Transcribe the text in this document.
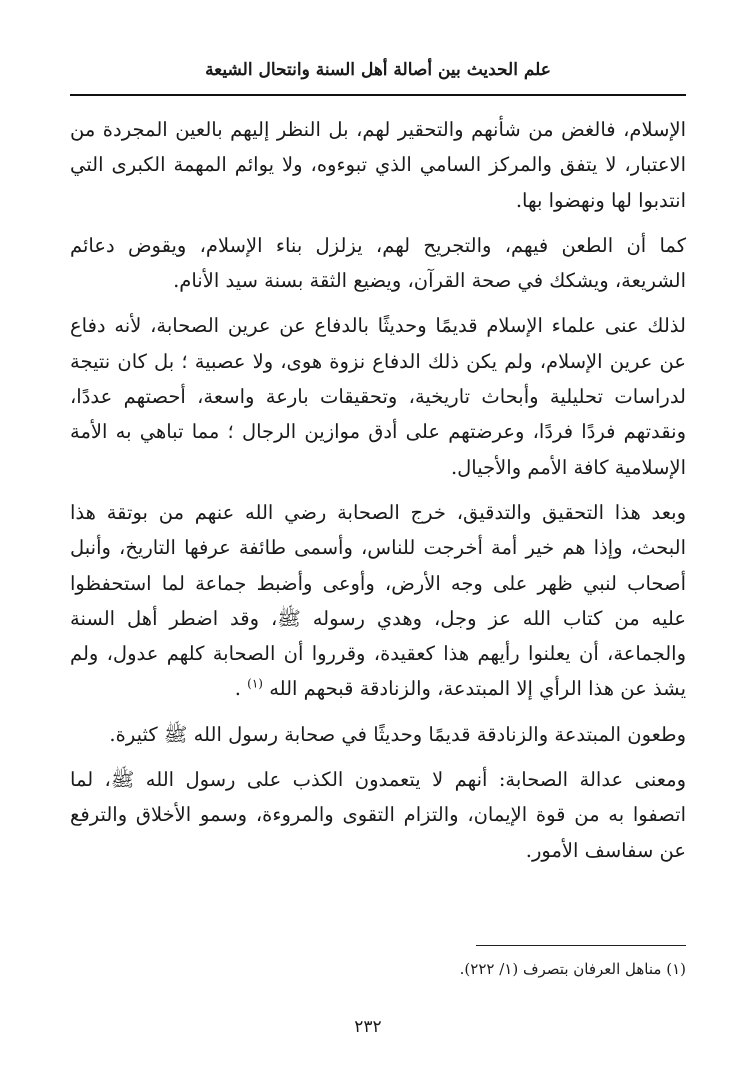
علم الحديث بين أصالة أهل السنة وانتحال الشيعة

الإسلام، فالغض من شأنهم والتحقير لهم، بل النظر إليهم بالعين المجردة من الاعتبار، لا يتفق والمركز السامي الذي تبوءوه، ولا يوائم المهمة الكبرى التي انتدبوا لها ونهضوا بها.

كما أن الطعن فيهم، والتجريح لهم، يزلزل بناء الإسلام، ويقوض دعائم الشريعة، ويشكك في صحة القرآن، ويضيع الثقة بسنة سيد الأنام.

لذلك عنى علماء الإسلام قديمًا وحديثًا بالدفاع عن عرين الصحابة، لأنه دفاع عن عرين الإسلام، ولم يكن ذلك الدفاع نزوة هوى، ولا عصبية ؛ بل كان نتيجة لدراسات تحليلية وأبحاث تاريخية، وتحقيقات بارعة واسعة، أحصتهم عددًا، ونقدتهم فردًا فردًا، وعرضتهم على أدق موازين الرجال ؛ مما تباهي به الأمة الإسلامية كافة الأمم والأجيال.

وبعد هذا التحقيق والتدقيق، خرج الصحابة رضي الله عنهم من بوتقة هذا البحث، وإذا هم خير أمة أخرجت للناس، وأسمى طائفة عرفها التاريخ، وأنبل أصحاب لنبي ظهر على وجه الأرض، وأوعى وأضبط جماعة لما استحفظوا عليه من كتاب الله عز وجل، وهدي رسوله ﷺ، وقد اضطر أهل السنة والجماعة، أن يعلنوا رأيهم هذا كعقيدة، وقرروا أن الصحابة كلهم عدول، ولم يشذ عن هذا الرأي إلا المبتدعة، والزنادقة قبحهم الله $^{(١)}$ .

وطعون المبتدعة والزنادقة قديمًا وحديثًا في صحابة رسول الله ﷺ كثيرة.

ومعنى عدالة الصحابة: أنهم لا يتعمدون الكذب على رسول الله ﷺ، لما اتصفوا به من قوة الإيمان، والتزام التقوى والمروءة، وسمو الأخلاق والترفع عن سفاسف الأمور.

(١) مناهل العرفان بتصرف (١/ ٢٢٢).
٢٣٢
